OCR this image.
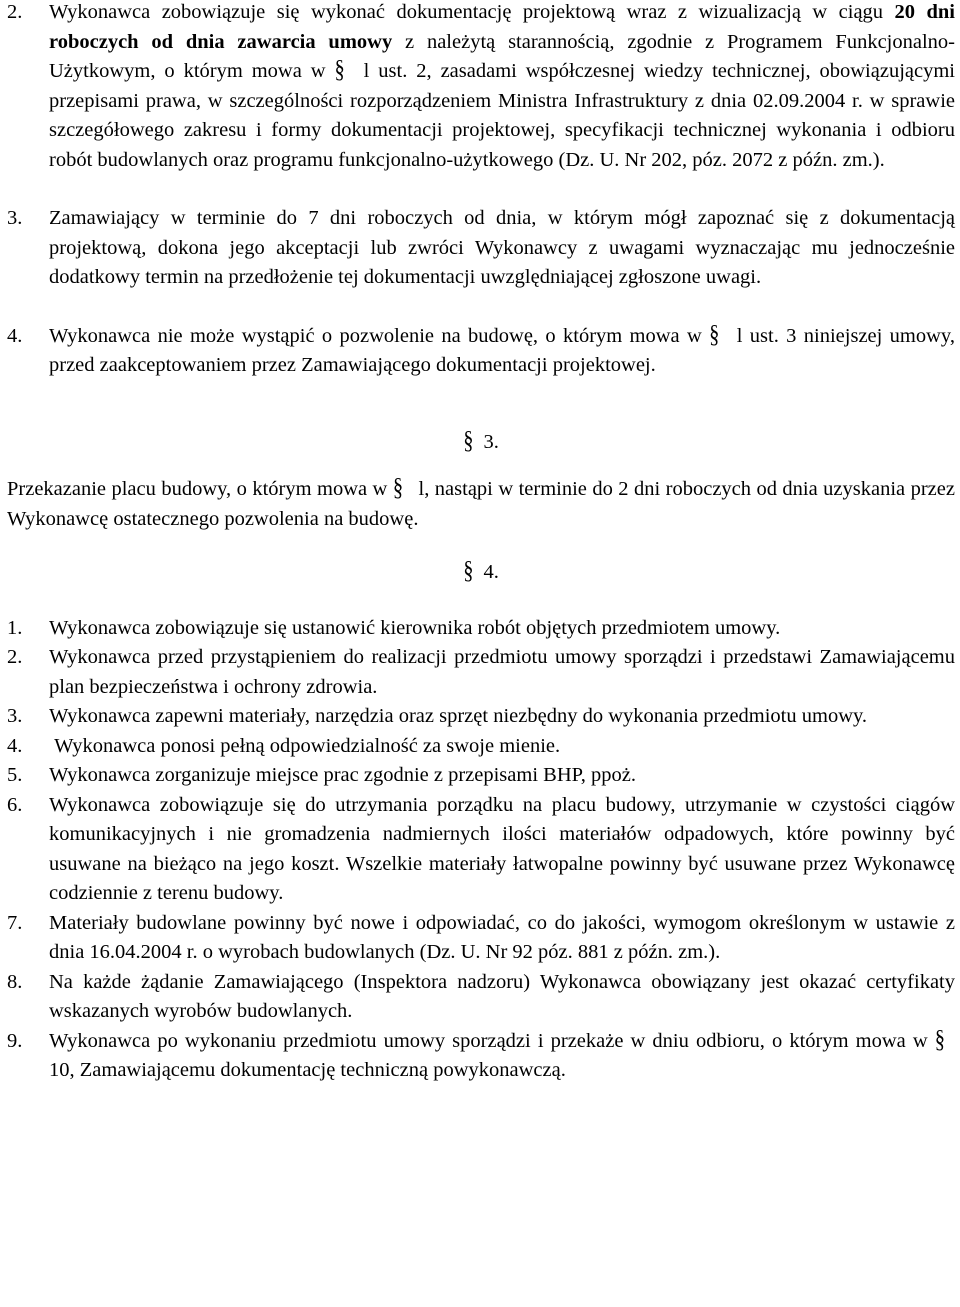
2. Wykonawca zobowiązuje się wykonać dokumentację projektową wraz z wizualizacją w ciągu 20 dni roboczych od dnia zawarcia umowy z należytą starannością, zgodnie z Programem Funkcjonalno-Użytkowym, o którym mowa w § l ust. 2, zasadami współczesnej wiedzy technicznej, obowiązującymi przepisami prawa, w szczególności rozporządzeniem Ministra Infrastruktury z dnia 02.09.2004 r. w sprawie szczegółowego zakresu i formy dokumentacji projektowej, specyfikacji technicznej wykonania i odbioru robót budowlanych oraz programu funkcjonalno-użytkowego (Dz. U. Nr 202, póz. 2072 z późn. zm.).

3. Zamawiający w terminie do 7 dni roboczych od dnia, w którym mógł zapoznać się z dokumentacją projektową, dokona jego akceptacji lub zwróci Wykonawcy z uwagami wyznaczając mu jednocześnie dodatkowy termin na przedłożenie tej dokumentacji uwzględniającej zgłoszone uwagi.

4. Wykonawca nie może wystąpić o pozwolenie na budowę, o którym mowa w § l ust. 3 niniejszej umowy, przed zaakceptowaniem przez Zamawiającego dokumentacji projektowej.

§ 3.

Przekazanie placu budowy, o którym mowa w § l, nastąpi w terminie do 2 dni roboczych od dnia uzyskania przez Wykonawcę ostatecznego pozwolenia na budowę.

§ 4.

1. Wykonawca zobowiązuje się ustanowić kierownika robót objętych przedmiotem umowy.

2. Wykonawca przed przystąpieniem do realizacji przedmiotu umowy sporządzi i przedstawi Zamawiającemu plan bezpieczeństwa i ochrony zdrowia.

3. Wykonawca zapewni materiały, narzędzia oraz sprzęt niezbędny do wykonania przedmiotu umowy.

4. Wykonawca ponosi pełną odpowiedzialność za swoje mienie.

5. Wykonawca zorganizuje miejsce prac zgodnie z przepisami BHP, ppoż.

6. Wykonawca zobowiązuje się do utrzymania porządku na placu budowy, utrzymanie w czystości ciągów komunikacyjnych i nie gromadzenia nadmiernych ilości materiałów odpadowych, które powinny być usuwane na bieżąco na jego koszt. Wszelkie materiały łatwopalne powinny być usuwane przez Wykonawcę codziennie z terenu budowy.

7. Materiały budowlane powinny być nowe i odpowiadać, co do jakości, wymogom określonym w ustawie z dnia 16.04.2004 r. o wyrobach budowlanych (Dz. U. Nr 92 póz. 881 z późn. zm.).

8. Na każde żądanie Zamawiającego (Inspektora nadzoru) Wykonawca obowiązany jest okazać certyfikaty wskazanych wyrobów budowlanych.

9. Wykonawca po wykonaniu przedmiotu umowy sporządzi i przekaże w dniu odbioru, o którym mowa w § 10, Zamawiającemu dokumentację techniczną powykonawczą.
